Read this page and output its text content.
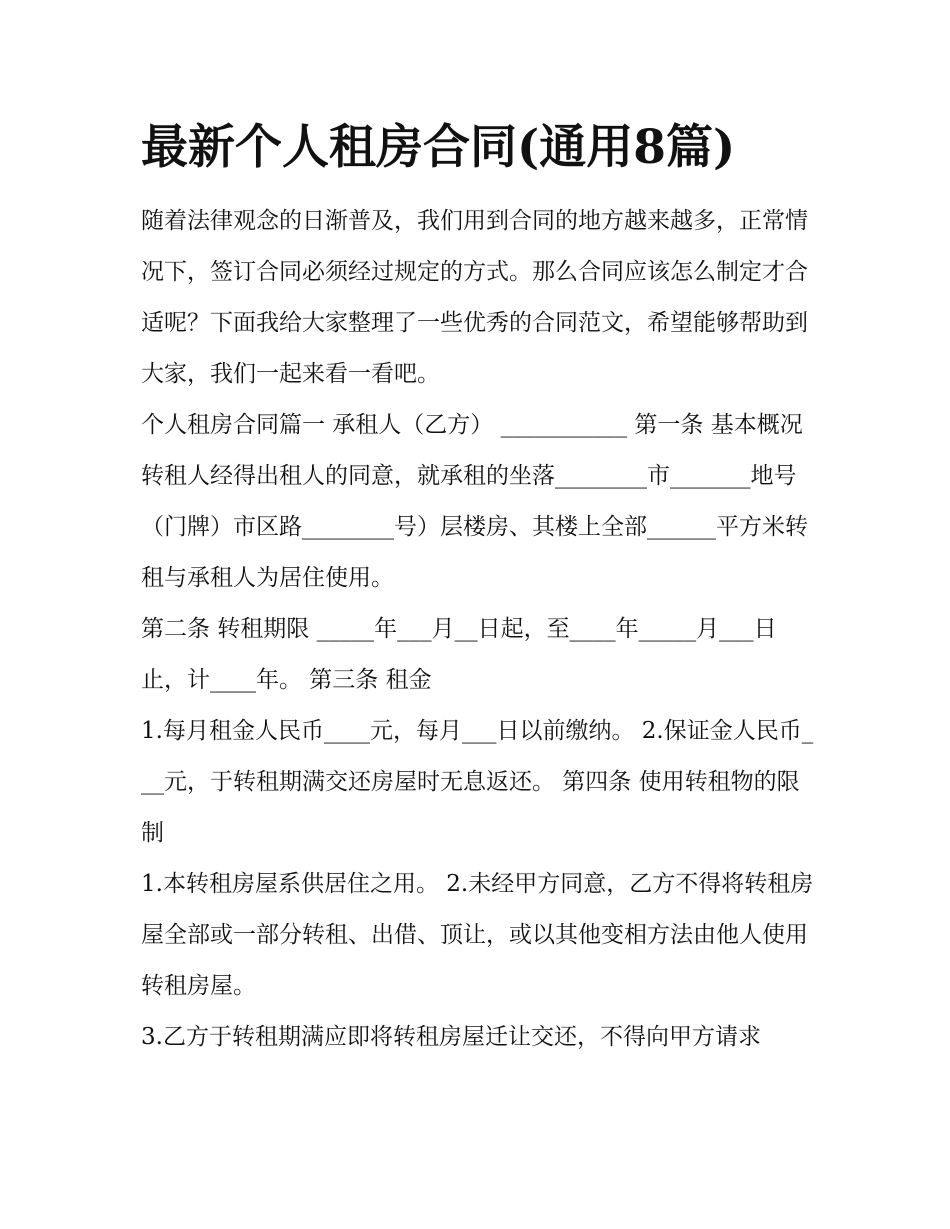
最新个人租房合同(通用8篇)

随着法律观念的日渐普及，我们用到合同的地方越来越多，正常情况下，签订合同必须经过规定的方式。那么合同应该怎么制定才合适呢？下面我给大家整理了一些优秀的合同范文，希望能够帮助到大家，我们一起来看一看吧。

个人租房合同篇一 承租人（乙方） ___________ 第一条 基本概况

转租人经得出租人的同意，就承租的坐落________市_______地号（门牌）市区路________号）层楼房、其楼上全部______平方米转租与承租人为居住使用。

第二条 转租期限 _____年___月__日起，至____年_____月___日止，计____年。 第三条 租金

1.每月租金人民币____元，每月___日以前缴纳。 2.保证金人民币___元，于转租期满交还房屋时无息返还。 第四条 使用转租物的限制

1.本转租房屋系供居住之用。 2.未经甲方同意，乙方不得将转租房屋全部或一部分转租、出借、顶让，或以其他变相方法由他人使用转租房屋。

3.乙方于转租期满应即将转租房屋迁让交还，不得向甲方请求
